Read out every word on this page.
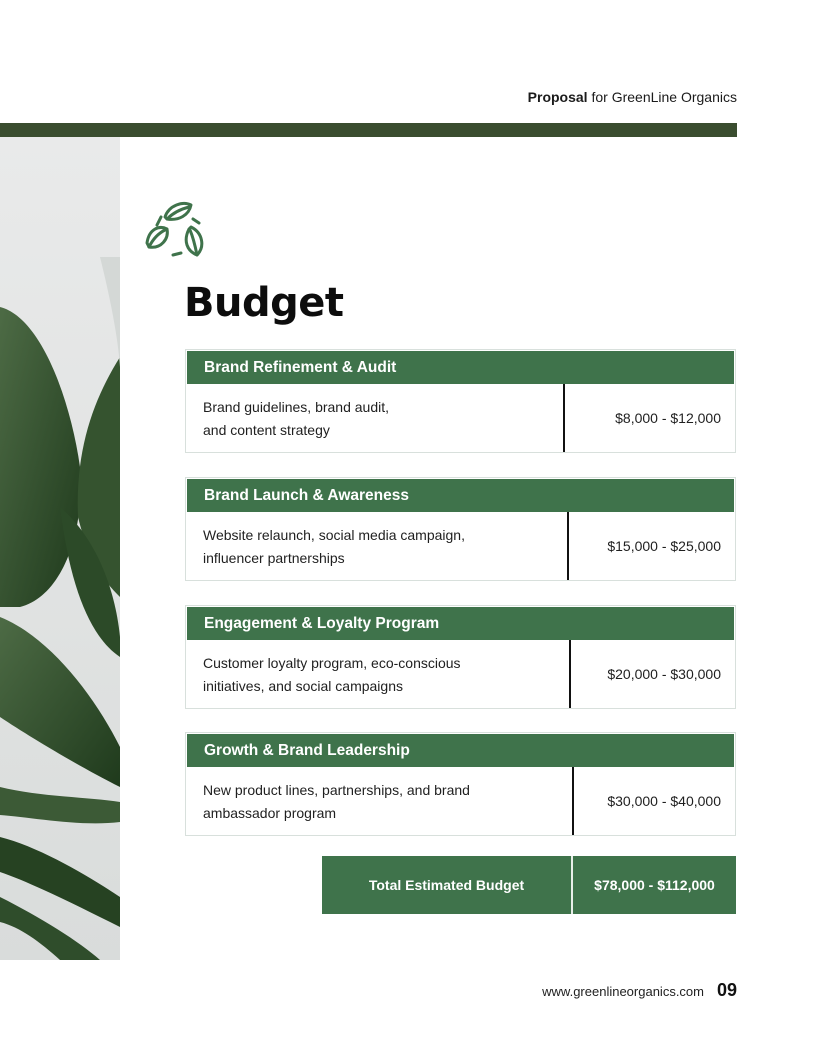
Proposal for GreenLine Organics
Budget
Brand Refinement & Audit
Brand guidelines, brand audit,
and content strategy
$8,000 - $12,000
Brand Launch & Awareness
Website relaunch, social media campaign,
influencer partnerships
$15,000 - $25,000
Engagement & Loyalty Program
Customer loyalty program, eco-conscious
initiatives, and social campaigns
$20,000 - $30,000
Growth & Brand Leadership
New product lines, partnerships, and brand
ambassador program
$30,000 - $40,000
Total Estimated Budget	$78,000 - $112,000
www.greenlineorganics.com 09
